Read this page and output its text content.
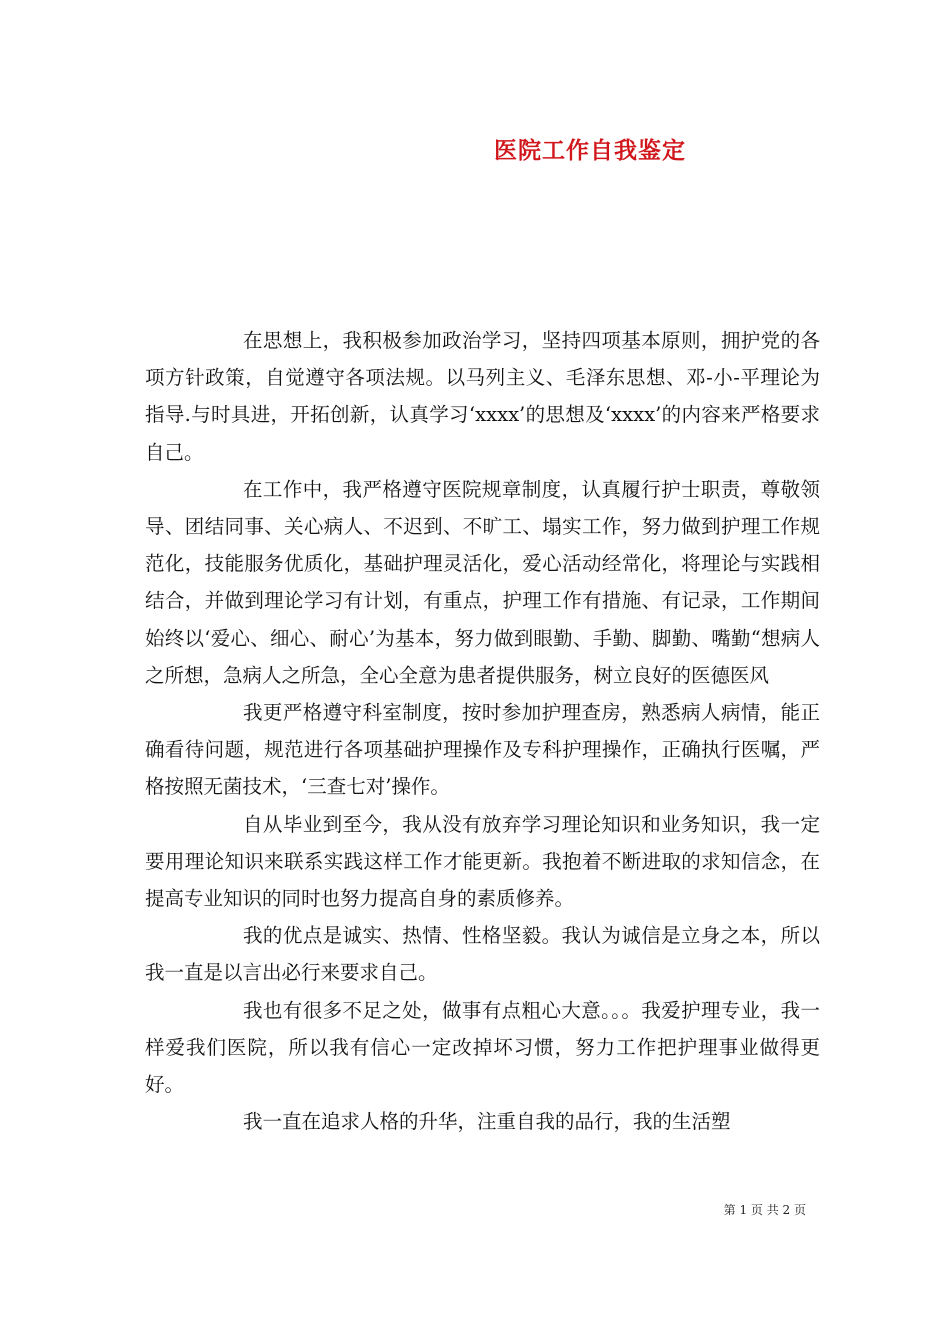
医院工作自我鉴定

在思想上，我积极参加政治学习，坚持四项基本原则，拥护党的各项方针政策，自觉遵守各项法规。以马列主义、毛泽东思想、邓-小-平理论为指导.与时具进，开拓创新，认真学习‘xxxx’的思想及‘xxxx’的内容来严格要求自己。

在工作中，我严格遵守医院规章制度，认真履行护士职责，尊敬领导、团结同事、关心病人、不迟到、不旷工、塌实工作，努力做到护理工作规范化，技能服务优质化，基础护理灵活化，爱心活动经常化，将理论与实践相结合，并做到理论学习有计划，有重点，护理工作有措施、有记录，工作期间始终以‘爱心、细心、耐心’为基本，努力做到眼勤、手勤、脚勤、嘴勤“想病人之所想，急病人之所急，全心全意为患者提供服务，树立良好的医德医风

我更严格遵守科室制度，按时参加护理查房，熟悉病人病情，能正确看待问题，规范进行各项基础护理操作及专科护理操作，正确执行医嘱，严格按照无菌技术，‘三查七对’操作。

自从毕业到至今，我从没有放弃学习理论知识和业务知识，我一定要用理论知识来联系实践这样工作才能更新。我抱着不断进取的求知信念，在提高专业知识的同时也努力提高自身的素质修养。

我的优点是诚实、热情、性格坚毅。我认为诚信是立身之本，所以我一直是以言出必行来要求自己。

我也有很多不足之处，做事有点粗心大意。。。我爱护理专业，我一样爱我们医院，所以我有信心一定改掉坏习惯，努力工作把护理事业做得更好。

我一直在追求人格的升华，注重自我的品行，我的生活塑

第 1 页 共 2 页
